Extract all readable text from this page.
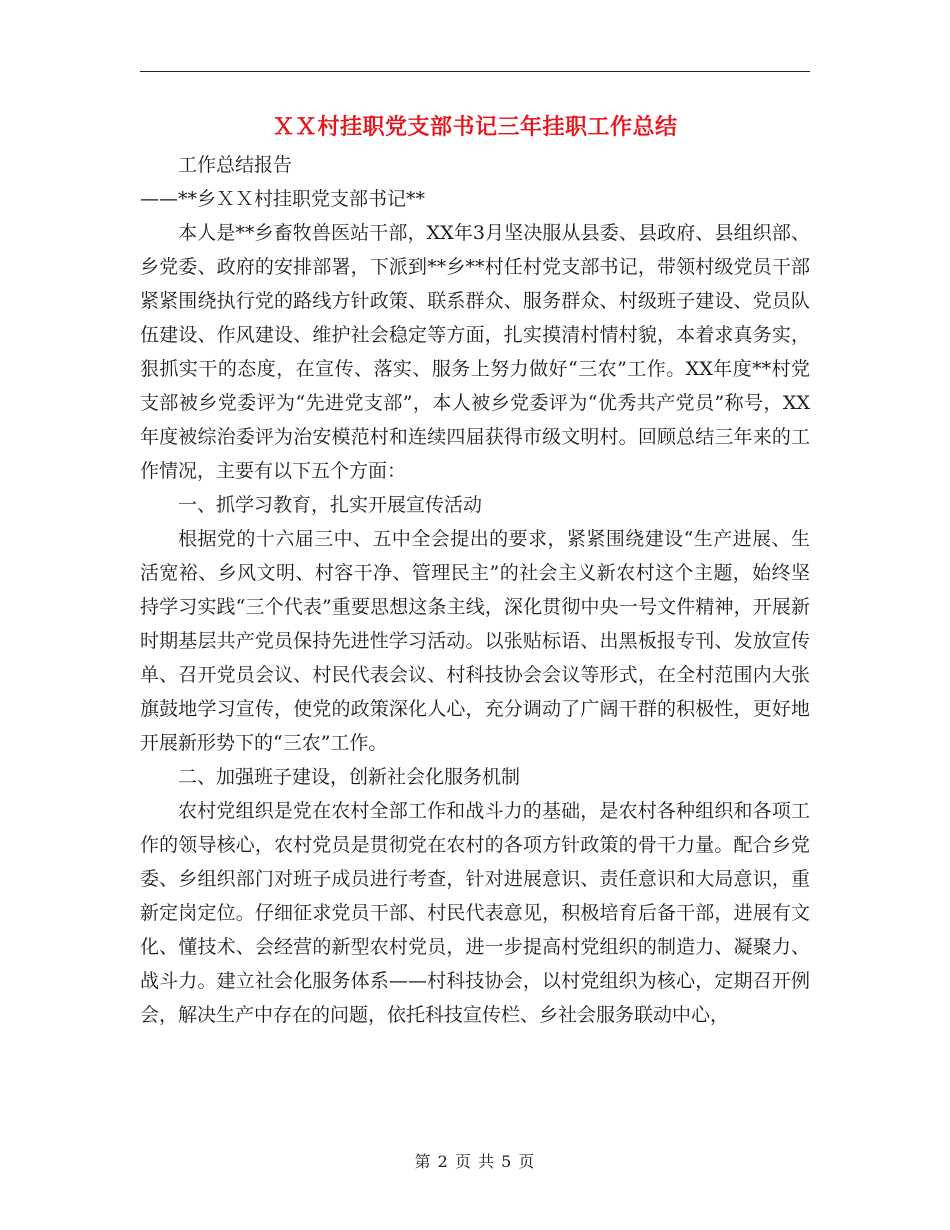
ＸＸ村挂职党支部书记三年挂职工作总结

工作总结报告

——**乡ＸＸ村挂职党支部书记**

本人是**乡畜牧兽医站干部，XX年3月坚决服从县委、县政府、县组织部、乡党委、政府的安排部署，下派到**乡**村任村党支部书记，带领村级党员干部紧紧围绕执行党的路线方针政策、联系群众、服务群众、村级班子建设、党员队伍建设、作风建设、维护社会稳定等方面，扎实摸清村情村貌，本着求真务实，狠抓实干的态度，在宣传、落实、服务上努力做好“三农”工作。XX年度**村党支部被乡党委评为“先进党支部”，本人被乡党委评为“优秀共产党员”称号，XX年度被综治委评为治安模范村和连续四届获得市级文明村。回顾总结三年来的工作情况，主要有以下五个方面：

一、抓学习教育，扎实开展宣传活动

根据党的十六届三中、五中全会提出的要求，紧紧围绕建设“生产进展、生活宽裕、乡风文明、村容干净、管理民主”的社会主义新农村这个主题，始终坚持学习实践“三个代表”重要思想这条主线，深化贯彻中央一号文件精神，开展新时期基层共产党员保持先进性学习活动。以张贴标语、出黑板报专刊、发放宣传单、召开党员会议、村民代表会议、村科技协会会议等形式，在全村范围内大张旗鼓地学习宣传，使党的政策深化人心，充分调动了广阔干群的积极性，更好地开展新形势下的“三农”工作。

二、加强班子建设，创新社会化服务机制

农村党组织是党在农村全部工作和战斗力的基础，是农村各种组织和各项工作的领导核心，农村党员是贯彻党在农村的各项方针政策的骨干力量。配合乡党委、乡组织部门对班子成员进行考查，针对进展意识、责任意识和大局意识，重新定岗定位。仔细征求党员干部、村民代表意见，积极培育后备干部，进展有文化、懂技术、会经营的新型农村党员，进一步提高村党组织的制造力、凝聚力、战斗力。建立社会化服务体系——村科技协会，以村党组织为核心，定期召开例会，解决生产中存在的问题，依托科技宣传栏、乡社会服务联动中心，

第 2 页 共 5 页
